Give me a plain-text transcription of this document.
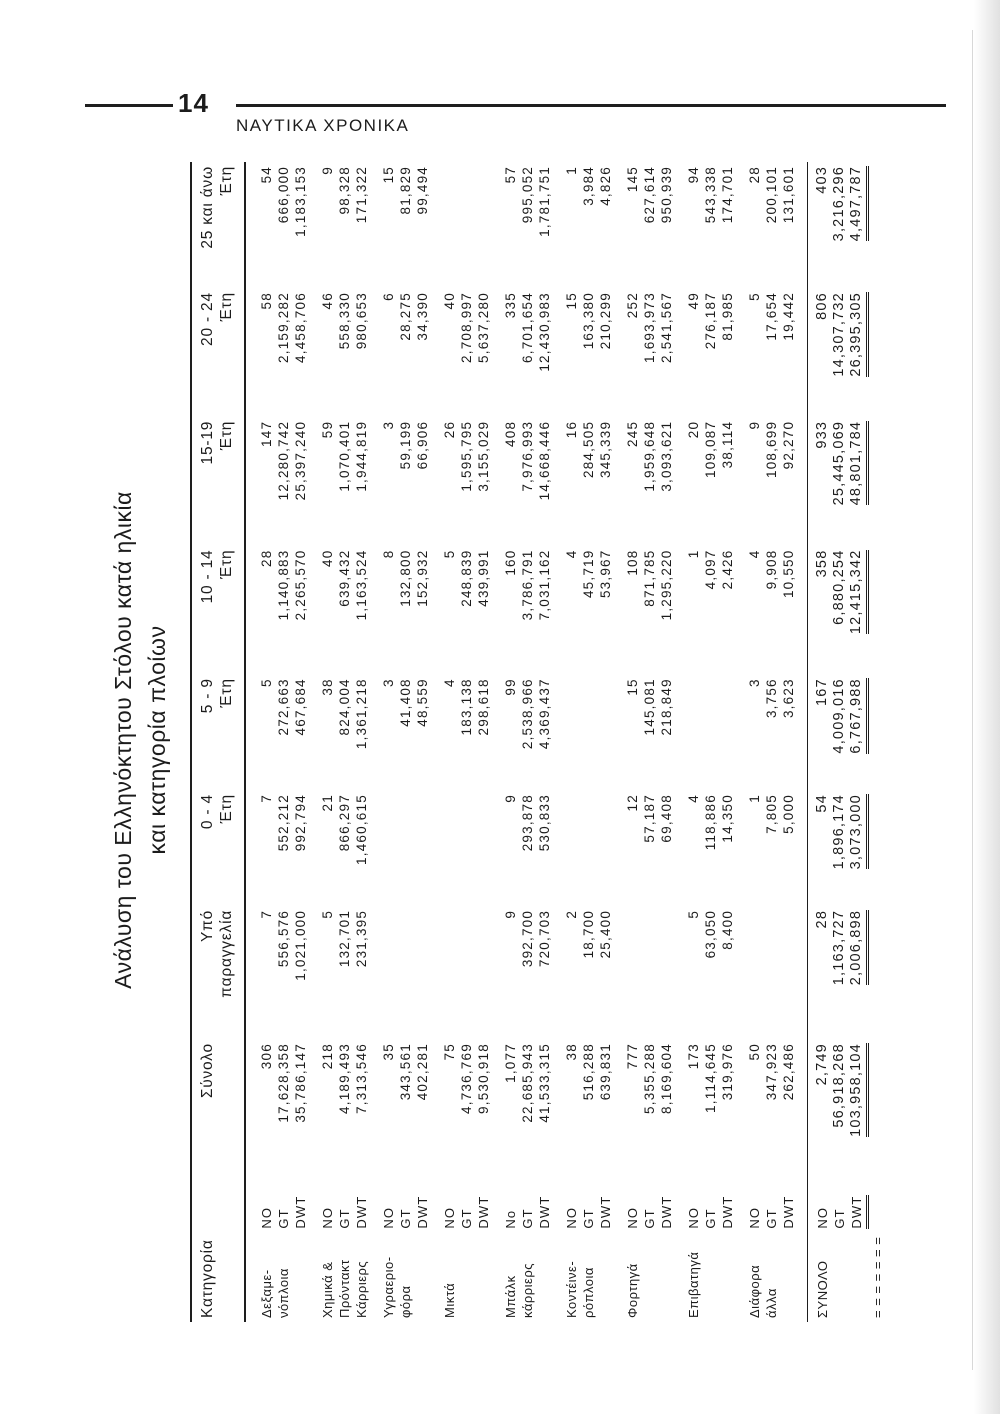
14
ΝΑΥΤΙΚΑ ΧΡΟΝΙΚΑ
Ανάλυση του Ελληνόκτητου Στόλου κατά ηλικία και κατηγορία πλοίων
Κατηγορία		Σύνολο	Υπό παραγγελία	0 - 4 Έτη	5 - 9 Έτη	10 - 14 Έτη	15-19 Έτη	20 - 24 Έτη	25 και άνω Έτη
Δεξαμε-	NO	306	7	7	5	28	147	58	54
νόπλοια	GT	17,628,358	556,576	552,212	272,663	1,140,883	12,280,742	2,159,282	666,000
	DWT	35,786,147	1,021,000	992,794	467,684	2,265,570	25,397,240	4,458,706	1,183,153

Χημικά &	NO	218	5	21	38	40	59	46	9
Πρόντακτ	GT	4,189,493	132,701	866,297	824,004	639,432	1,070,401	558,330	98,328
Κάρριερς	DWT	7,313,546	231,395	1,460,615	1,361,218	1,163,524	1,944,819	980,653	171,322

Υγραεριο-	NO	35			3	8	3	6	15
φόρα	GT	343,561			41,408	132,800	59,199	28,275	81,829
	DWT	402,281			48,559	152,932	66,906	34,390	99,494

Μικτά	NO	75			4	5	26	40	
	GT	4,736,769			183,138	248,839	1,595,795	2,708,997	
	DWT	9,530,918			298,618	439,991	3,155,029	5,637,280	

Μπάλκ	No	1,077	9	9	99	160	408	335	57
κάρριερς	GT	22,685,943	392,700	293,878	2,538,966	3,786,791	7,976,993	6,701,654	995,052
	DWT	41,533,315	720,703	530,833	4,369,437	7,031,162	14,668,446	12,430,983	1,781,751

Κοντέινε-	NO	38	2			4	16	15	1
ρόπλοια	GT	516,288	18,700			45,719	284,505	163,380	3,984
	DWT	639,831	25,400			53,967	345,339	210,299	4,826

Φορτηγά	NO	777		12	15	108	245	252	145
	GT	5,355,288		57,187	145,081	871,785	1,959,648	1,693,973	627,614
	DWT	8,169,604		69,408	218,849	1,295,220	3,093,621	2,541,567	950,939

Επιβατηγά	NO	173	5	4		1	20	49	94
	GT	1,114,645	63,050	118,886		4,097	109,087	276,187	543,338
	DWT	319,976	8,400	14,350		2,426	38,114	81,985	174,701

Διάφορα	NO	50		1	3	4	9	5	28
άλλα	GT	347,923		7,805	3,756	9,908	108,699	17,654	200,101
	DWT	262,486		5,000	3,623	10,550	92,270	19,442	131,601

ΣΥΝΟΛΟ	NO	2,749	28	54	167	358	933	806	403
	GT	56,918,268	1,163,727	1,896,174	4,009,016	6,880,254	25,445,069	14,307,732	3,216,296
	DWT	103,958,104	2,006,898	3,073,000	6,767,988	12,415,342	48,801,784	26,395,305	4,497,787
= = = = = = =									
